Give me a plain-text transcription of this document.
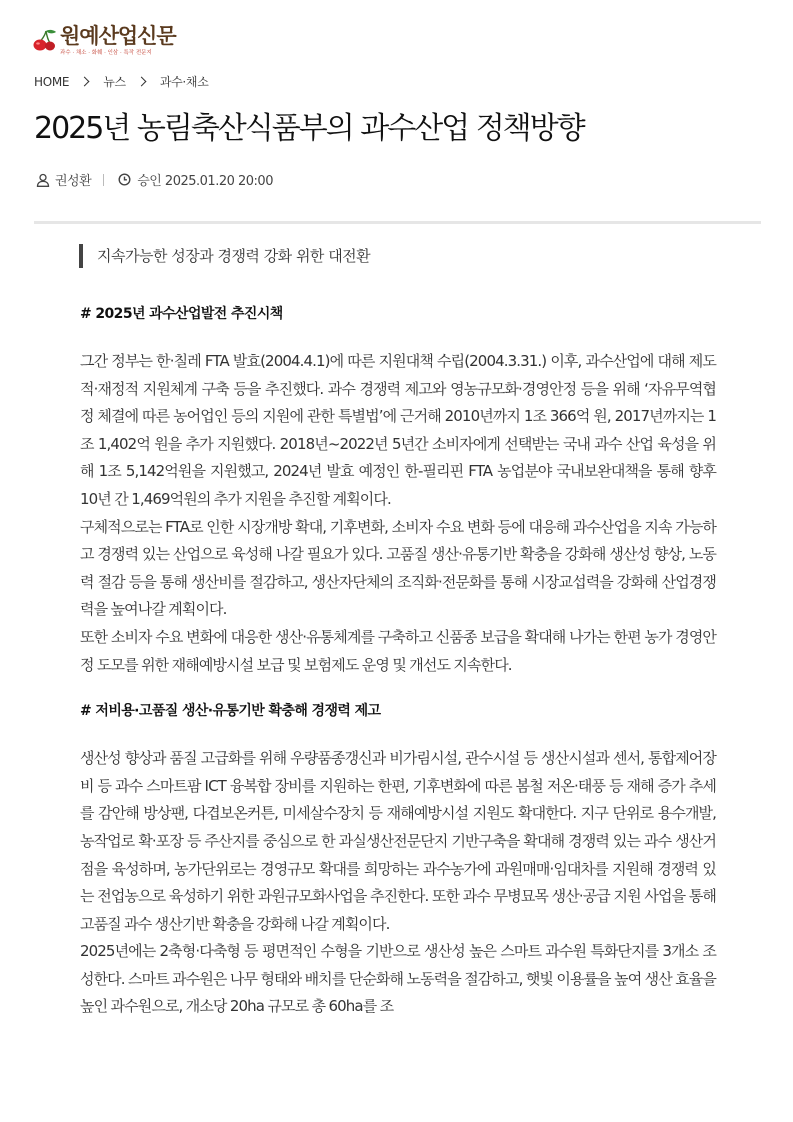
원예산업신문
과수 · 채소 · 화훼 · 인삼 · 특작 전문지
HOME	뉴스	과수·채소
2025년 농림축산식품부의 과수산업 정책방향
권성환	승인 2025.01.20 20:00
지속가능한 성장과 경쟁력 강화 위한 대전환
# 2025년 과수산업발전 추진시책

그간 정부는 한·칠레 FTA 발효(2004.4.1)에 따른 지원대책 수립(2004.3.31.) 이후, 과수산업에 대해 제도적·재정적 지원체계 구축 등을 추진했다. 과수 경쟁력 제고와 영농규모화·경영안정 등을 위해 ‘자유무역협정 체결에 따른 농어업인 등의 지원에 관한 특별법’에 근거해 2010년까지 1조 366억 원, 2017년까지는 1조 1,402억 원을 추가 지원했다. 2018년~2022년 5년간 소비자에게 선택받는 국내 과수 산업 육성을 위해 1조 5,142억원을 지원했고, 2024년 발효 예정인 한-필리핀 FTA 농업분야 국내보완대책을 통해 향후 10년 간 1,469억원의 추가 지원을 추진할 계획이다.

구체적으로는 FTA로 인한 시장개방 확대, 기후변화, 소비자 수요 변화 등에 대응해 과수산업을 지속 가능하고 경쟁력 있는 산업으로 육성해 나갈 필요가 있다. 고품질 생산·유통기반 확충을 강화해 생산성 향상, 노동력 절감 등을 통해 생산비를 절감하고, 생산자단체의 조직화·전문화를 통해 시장교섭력을 강화해 산업경쟁력을 높여나갈 계획이다.

또한 소비자 수요 변화에 대응한 생산·유통체계를 구축하고 신품종 보급을 확대해 나가는 한편 농가 경영안정 도모를 위한 재해예방시설 보급 및 보험제도 운영 및 개선도 지속한다.

# 저비용·고품질 생산·유통기반 확충해 경쟁력 제고

생산성 향상과 품질 고급화를 위해 우량품종갱신과 비가림시설, 관수시설 등 생산시설과 센서, 통합제어장비 등 과수 스마트팜 ICT 융복합 장비를 지원하는 한편, 기후변화에 따른 봄철 저온·태풍 등 재해 증가 추세를 감안해 방상팬, 다겹보온커튼, 미세살수장치 등 재해예방시설 지원도 확대한다. 지구 단위로 용수개발, 농작업로 확·포장 등 주산지를 중심으로 한 과실생산전문단지 기반구축을 확대해 경쟁력 있는 과수 생산거점을 육성하며, 농가단위로는 경영규모 확대를 희망하는 과수농가에 과원매매·임대차를 지원해 경쟁력 있는 전업농으로 육성하기 위한 과원규모화사업을 추진한다. 또한 과수 무병묘목 생산·공급 지원 사업을 통해 고품질 과수 생산기반 확충을 강화해 나갈 계획이다.

2025년에는 2축형·다축형 등 평면적인 수형을 기반으로 생산성 높은 스마트 과수원 특화단지를 3개소 조성한다. 스마트 과수원은 나무 형태와 배치를 단순화해 노동력을 절감하고, 햇빛 이용률을 높여 생산 효율을 높인 과수원으로, 개소당 20ha 규모로 총 60ha를 조
